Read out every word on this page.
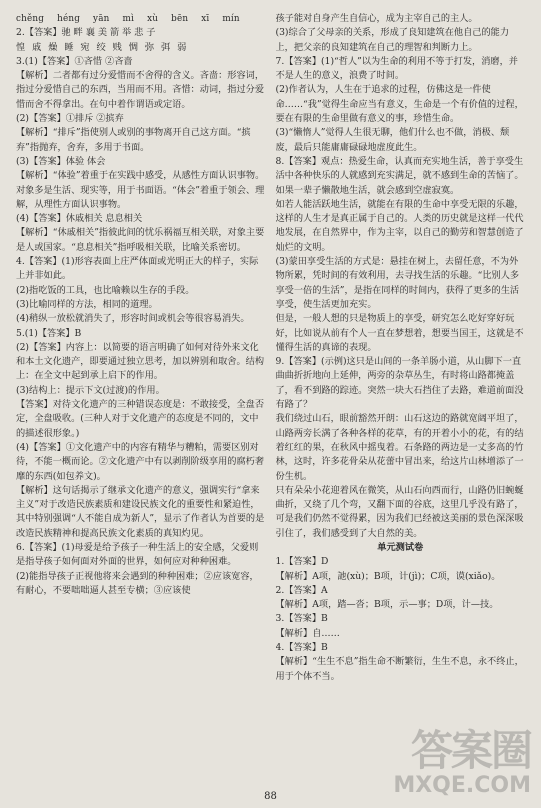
chěng héng yān mì xù bēn xī mín

2.【答案】驰 畔 襄 美 箭 举 悲 子

惶 戚 燥 睡 宛 绞 贱 惆 弥 弭 弱

3.(1)【答案】①吝惜 ②吝啬

【解析】二者都有过分爱惜而不舍得的含义。吝啬：形容词，指过分爱惜自己的东西，当用而不用。吝惜：动词，指过分爱惜而舍不得拿出。在句中着作谓语或定语。

(2)【答案】①排斥 ②摈弃

【解析】“排斥”指使别人或别的事物离开自己这方面。“摈弃”指抛弃，舍弃，多用于书面。

(3)【答案】体验 体会

【解析】“体验”着重于在实践中感受，从感性方面认识事物。对象多是生活、现实等，用于书面语。“体会”着重于领会、理解，从理性方面认识事物。

(4)【答案】休戚相关 息息相关

【解析】“休戚相关”指彼此间的忧乐祸福互相关联，对象主要是人或国家。“息息相关”指呼吸相关联，比喻关系密切。

4.【答案】(1)形容表面上庄严体面或光明正大的样子，实际上并非如此。

(2)指吃饭的工具，也比喻赖以生存的手段。

(3)比喻同样的方法，相同的道理。

(4)稍纵一放松就消失了，形容时间或机会等很容易消失。

5.(1)【答案】B

(2)【答案】内容上：以简要的语言明确了如何对待外来文化和本土文化遗产，即要通过独立思考，加以辨别和取舍。结构上：在全文中起到承上启下的作用。

(3)结构上：提示下文(过渡)的作用。

【答案】对待文化遗产的三种错误态度是：不敢接受，全盘否定，全盘吸收。(三种人对于文化遗产的态度是不同的，文中的描述很形象。)

(4)【答案】①文化遗产中的内容有精华与糟粕，需要区别对待，不能一概而论。②文化遗产中有以剥削阶级享用的腐朽奢靡的东西(如包养文)。

【解析】这句话揭示了继承文化遗产的意义，强调实行“拿来主义”对于改造民族素质和建设民族文化的重要性和紧迫性，其中特别强调“人不能自成为新人”，显示了作者认为首要的是改造民族精神和提高民族文化素质的真知灼见。

6.【答案】(1)母爱是给予孩子一种生活上的安全感，父爱则是指导孩子如何面对外面的世界，如何应对种种困难。

(2)能指导孩子正视他将来会遇到的种种困难；②应该宽容，有耐心，不要咄咄逼人甚至专横；③应该使

孩子能对自身产生自信心，成为主宰自己的主人。

(3)综合了父母亲的关系，形成了良知建筑在他自己的能力上，把父亲的良知建筑在自己的理智和判断力上。

7.【答案】(1)“哲人”以为生命的利用不等于打发，消磨，并不是人生的意义，浪费了时间。

(2)作者认为，人生在于追求的过程，仿佛这是一件使命……“我”觉得生命应当有意义，生命是一个有价值的过程，要在有限的生命里做有意义的事，珍惜生命。

(3)“懒惰人”觉得人生很无聊，他们什么也不做，消极、颓废，最后只能庸庸碌碌地虚度此生。

8.【答案】观点：热爱生命，认真而充实地生活，善于享受生活中各种快乐的人就感到充实满足，就不感到生命的苦恼了。如果一辈子懒散地生活，就会感到空虚寂寞。

如若人能活跃地生活，就能在有限的生命中享受无限的乐趣，这样的人生才是真正属于自己的。人类的历史就是这样一代代地发展，在自然界中，作为主宰，以自己的勤劳和智慧创造了灿烂的文明。

(3)蒙田享受生活的方式是：悬挂在树上，去留任意，不为外物所累，凭时间的有效利用，去寻找生活的乐趣。“比别人多享受一倍的生活”，是指在同样的时间内，获得了更多的生活享受，使生活更加充实。

但是，一般人想的只是物质上的享受，研究怎么吃好穿好玩好，比如说从前有个人一直在梦想着，想要当国王，这就是不懂得生活的真谛的表现。

9.【答案】(示例)这只是山间的一条羊肠小道，从山脚下一直曲曲折折地向上延伸，两旁的杂草丛生，有时将山路都掩盖了，看不到路的踪迹。突然一块大石挡住了去路，难道前面没有路了？

我们绕过山石，眼前豁然开朗：山石这边的路就宽阔平坦了，山路两旁长满了各种各样的花草，有的开着小小的花，有的结着红红的果，在秋风中摇曳着。石条路的两边是一丈多高的竹林，这时，许多花骨朵从花蕾中冒出来，给这片山林增添了一份生机。

只有朵朵小花迎着风在微笑，从山石向西而行，山路仍旧蜿蜒曲折，又绕了几个弯，又翻下面的谷底，这里几乎没有路了，可是我们仍然不觉得累，因为我们已经被这美丽的景色深深吸引住了，我们感受到了大自然的美。

单元测试卷

1.【答案】D

【解析】A项，訑(xù)；B项，计(jì)；C项，谟(xiǎo)。

2.【答案】A

【解析】A项，踏—沓；B项，示—事；D项，计—技。

3.【答案】B

【解析】自……

4.【答案】B

【解析】“生生不息”指生命不断繁衍，生生不息，永不终止，用于个体不当。

88
答案圈
MXQE.COM
